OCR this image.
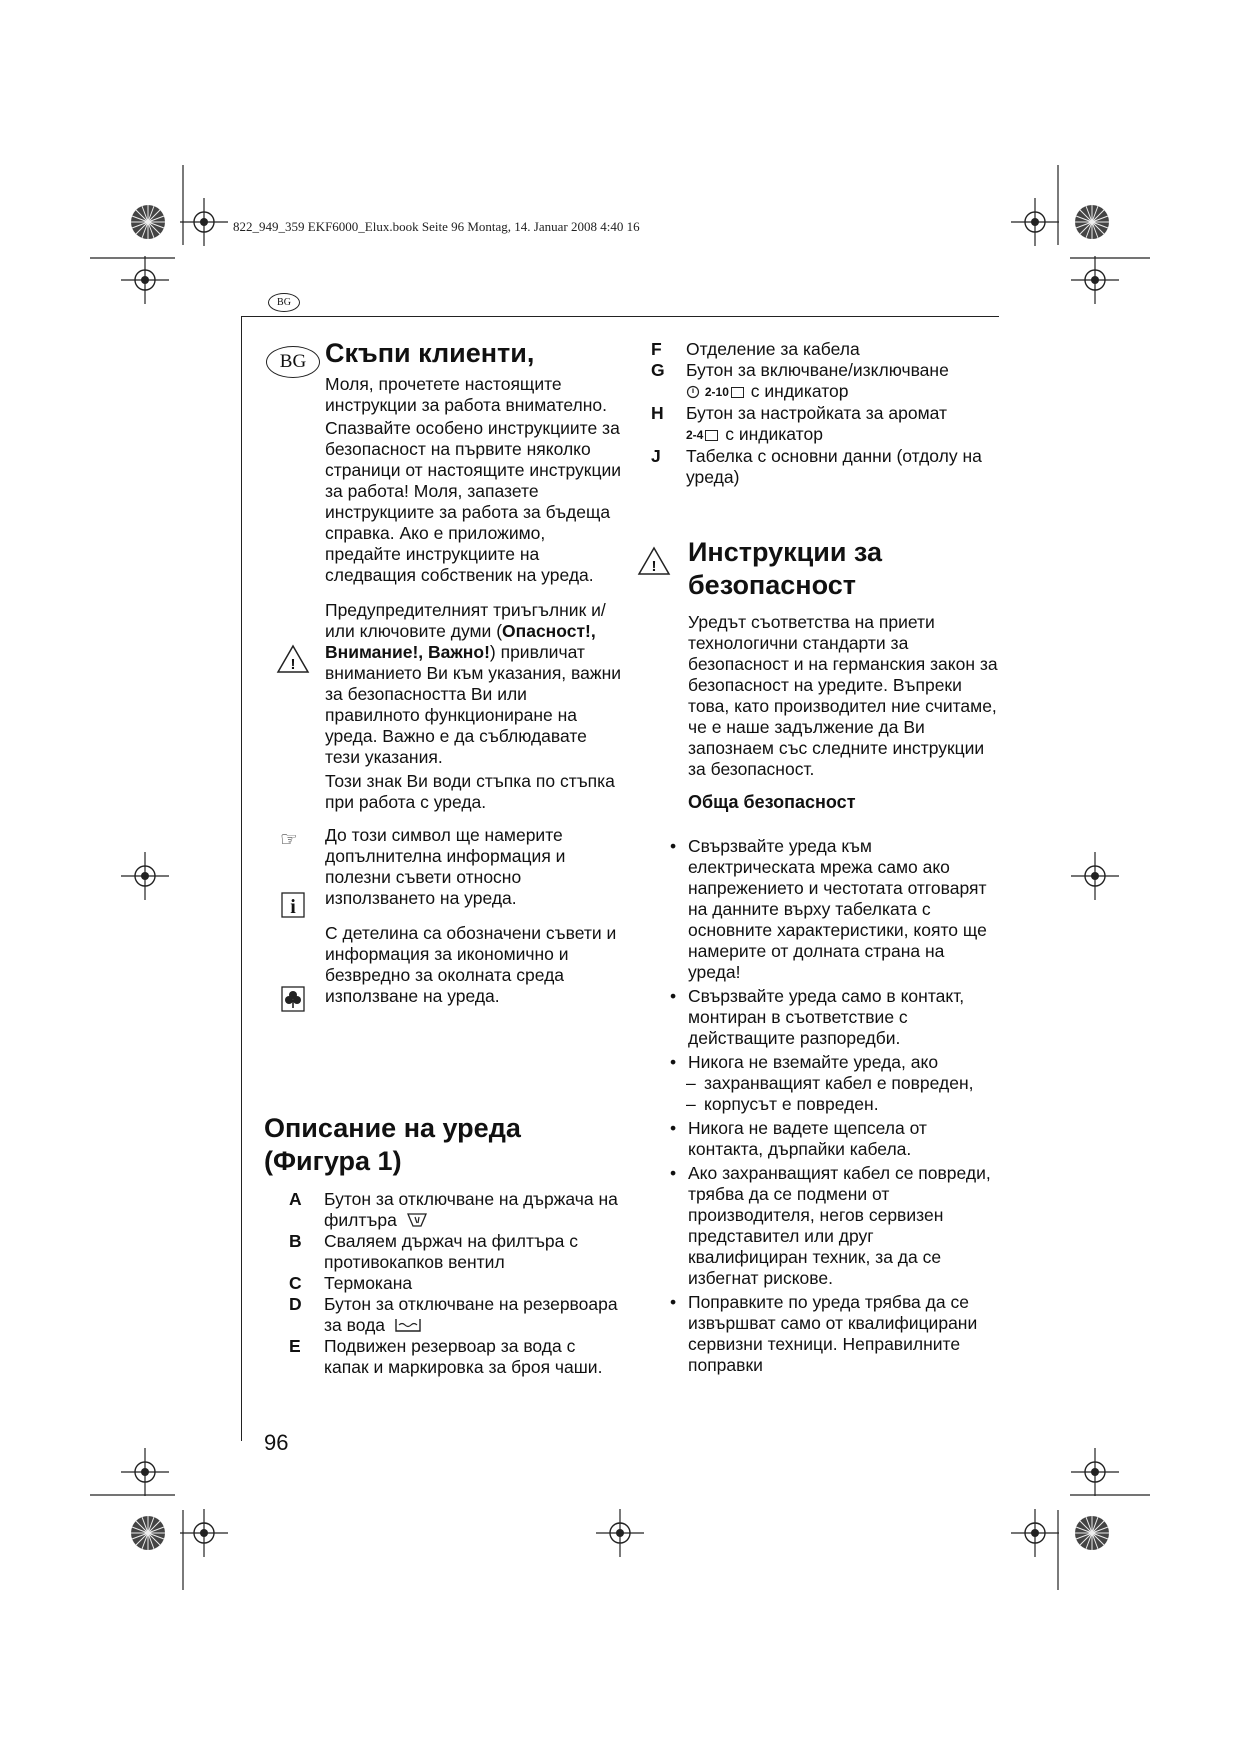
822_949_359 EKF6000_Elux.book Seite 96 Montag, 14. Januar 2008 4:40 16
BG
BG Скъпи клиенти,
Моля, прочетете настоящите инструкции за работа внимателно.
Спазвайте особено инструкциите за безопасност на първите няколко страници от настоящите инструкции за работа! Моля, запазете инструкциите за работа за бъдеща справка. Ако е приложимо, предайте инструкциите на следващия собственик на уреда.
Предупредителният триъгълник и/или ключовите думи (Опасност!, Внимание!, Важно!) привличат вниманието Ви към указания, важни за безопасността Ви или правилното функциониране на уреда. Важно е да съблюдавате тези указания.
Този знак Ви води стъпка по стъпка при работа с уреда.
До този символ ще намерите допълнителна информация и полезни съвети относно използването на уреда.
С детелина са обозначени съвети и информация за икономично и безвредно за околната среда използване на уреда.
!
☞
i
Описание на уреда (Фигура 1)
A	Бутон за отключване на държача на филтъра
B	Сваляем държач на филтъра с противокапков вентил
C	Термокана
D	Бутон за отключване на резервоара за вода
E	Подвижен резервоар за вода с капак и маркировка за броя чаши.
F	Отделение за кабела
G	Бутон за включване/изключване
2-10 с индикатор
H	Бутон за настройката за аромат
2-4 с индикатор
J	Табелка с основни данни (отдолу на уреда)
! Инструкции за безопасност
Уредът съответства на приети технологични стандарти за безопасност и на германския закон за безопасност на уредите. Въпреки това, като производител ние считаме, че е наше задължение да Ви запознаем със следните инструкции за безопасност.
Обща безопасност
• Свързвайте уреда към електрическата мрежа само ако напрежението и честотата отговарят на данните върху табелката с основните характеристики, която ще намерите от долната страна на уреда!
• Свързвайте уреда само в контакт, монтиран в съответствие с действащите разпоредби.
• Никога не вземайте уреда, ако
– захранващият кабел е повреден,
– корпусът е повреден.
• Никога не вадете щепсела от контакта, дърпайки кабела.
• Ако захранващият кабел се повреди, трябва да се подмени от производителя, негов сервизен представител или друг квалифициран техник, за да се избегнат рискове.
• Поправките по уреда трябва да се извършват само от квалифицирани сервизни техници. Неправилните поправки
96
